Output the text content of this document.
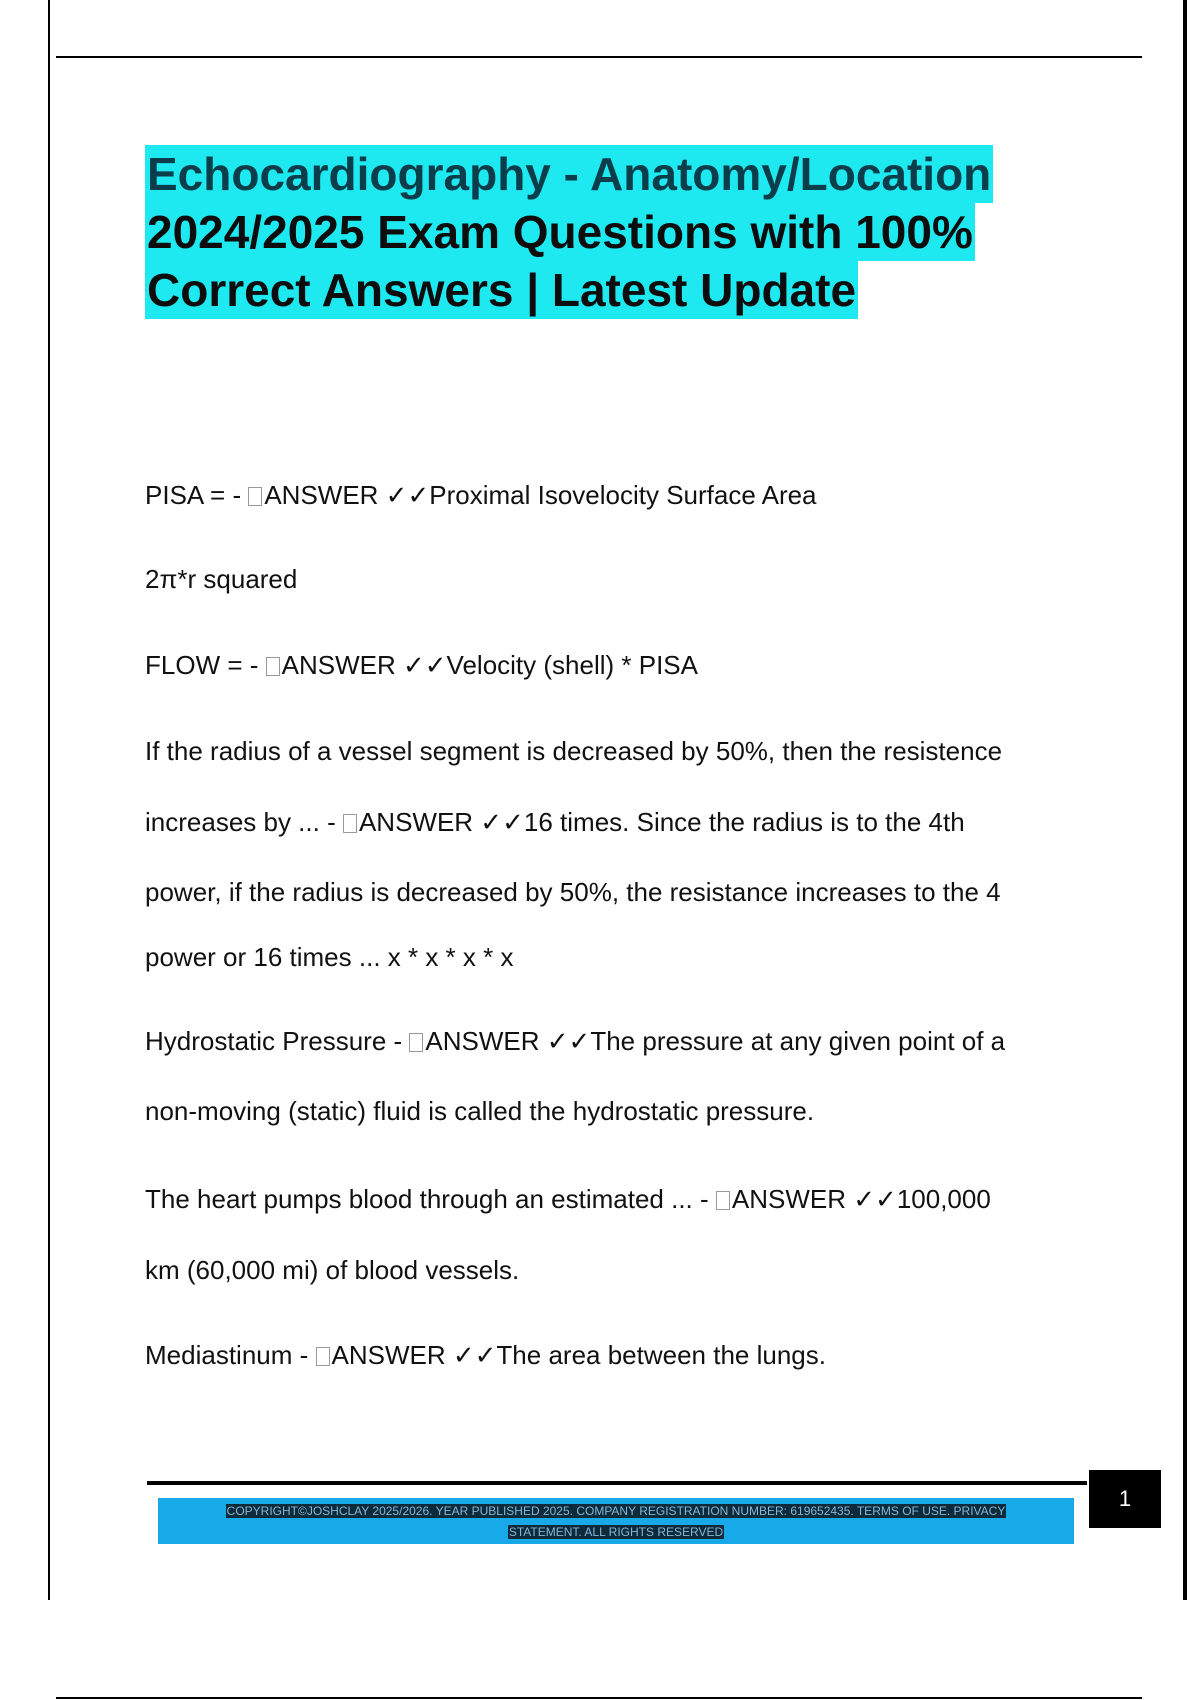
Echocardiography - Anatomy/Location
2024/2025 Exam Questions with 100%
Correct Answers | Latest Update
PISA = - ANSWER ✓✓Proximal Isovelocity Surface Area
2π*r squared
FLOW = - ANSWER ✓✓Velocity (shell) * PISA
If the radius of a vessel segment is decreased by 50%, then the resistence
increases by ... - ANSWER ✓✓16 times. Since the radius is to the 4th
power, if the radius is decreased by 50%, the resistance increases to the 4
power or 16 times ... x * x * x * x
Hydrostatic Pressure - ANSWER ✓✓The pressure at any given point of a
non-moving (static) fluid is called the hydrostatic pressure.
The heart pumps blood through an estimated ... - ANSWER ✓✓100,000
km (60,000 mi) of blood vessels.
Mediastinum - ANSWER ✓✓The area between the lungs.
COPYRIGHT©JOSHCLAY 2025/2026. YEAR PUBLISHED 2025. COMPANY REGISTRATION NUMBER: 619652435. TERMS OF USE. PRIVACY
STATEMENT. ALL RIGHTS RESERVED
1
